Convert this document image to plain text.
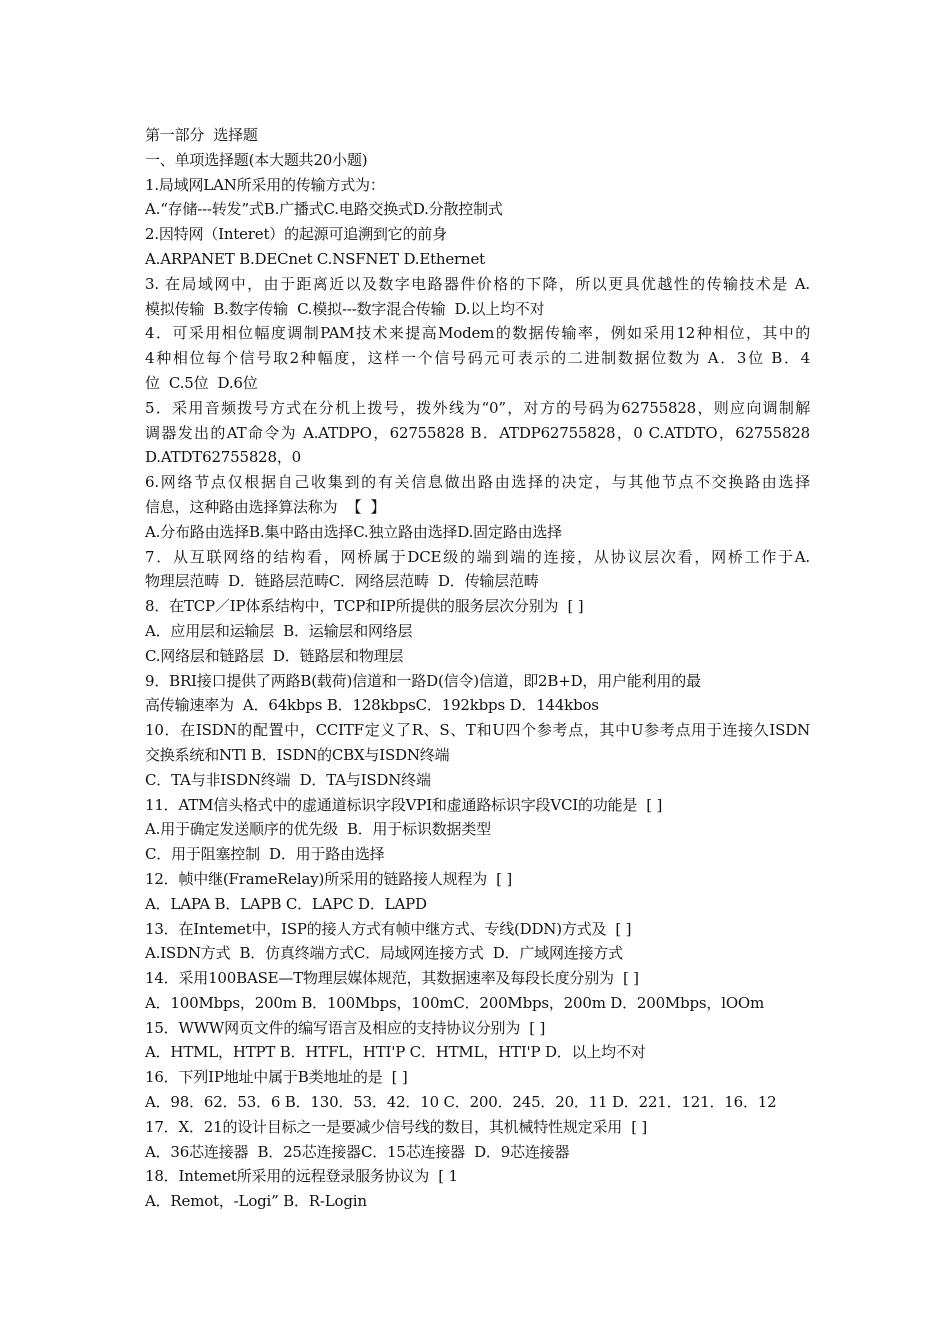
第一部分  选择题
一、单项选择题(本大题共20小题)
1.局域网LAN所采用的传输方式为：
A.“存储---转发”式B.广播式C.电路交换式D.分散控制式
2.因特网（Interet）的起源可追溯到它的前身
A.ARPANET B.DECnet C.NSFNET D.Ethernet
3. 在局域网中，由于距离近以及数字电路器件价格的下降，所以更具优越性的传输技术是 A.
模拟传输  B.数字传输  C.模拟---数字混合传输  D.以上均不对
4．可采用相位幅度调制PAM技术来提高Modem的数据传输率，例如采用12种相位，其中的
4种相位每个信号取2种幅度，这样一个信号码元可表示的二进制数据位数为 A．3位 B．4
位  C.5位  D.6位
5．采用音频拨号方式在分机上拨号，拨外线为“0”，对方的号码为62755828，则应向调制解
调器发出的AT命令为 A.ATDPO，62755828 B．ATDP62755828，0 C.ATDTO，62755828
D.ATDT62755828，0
6.网络节点仅根据自己收集到的有关信息做出路由选择的决定，与其他节点不交换路由选择
信息，这种路由选择算法称为  【  】
A.分布路由选择B.集中路由选择C.独立路由选择D.固定路由选择
7．从互联网络的结构看，网桥属于DCE级的端到端的连接，从协议层次看，网桥工作于A.
物理层范畴  D．链路层范畴C．网络层范畴  D．传输层范畴
8．在TCP／IP体系结构中，TCP和IP所提供的服务层次分别为  [ ]
A．应用层和运输层  B．运输层和网络层
C.网络层和链路层  D．链路层和物理层
9．BRI接口提供了两路B(载荷)信道和一路D(信令)信道，即2B+D，用户能利用的最
高传输速率为  A．64kbps B．128kbpsC．192kbps D．144kbos
10．在ISDN的配置中，CCITF定义了R、S、T和U四个参考点，其中U参考点用于连接久ISDN
交换系统和NTl B．ISDN的CBX与ISDN终端
C．TA与非ISDN终端  D．TA与ISDN终端
11．ATM信头格式中的虚通道标识字段VPI和虚通路标识字段VCI的功能是  [ ]
A.用于确定发送顺序的优先级  B．用于标识数据类型
C．用于阻塞控制  D．用于路由选择
12．帧中继(FrameRelay)所采用的链路接人规程为  [ ]
A．LAPA B．LAPB C．LAPC D．LAPD
13．在Intemet中，ISP的接人方式有帧中继方式、专线(DDN)方式及  [ ]
A.ISDN方式  B．仿真终端方式C．局域网连接方式  D．广域网连接方式
14．采用100BASE—T物理层媒体规范，其数据速率及每段长度分别为  [ ]
A．100Mbps，200m B．100Mbps，100mC．200Mbps，200m D．200Mbps，lOOm
15．WWW网页文件的编写语言及相应的支持协议分别为  [ ]
A．HTML，HTPT B．HTFL，HTI'P C．HTML，HTI'P D．以上均不对
16．下列IP地址中属于B类地址的是  [ ]
A．98．62．53．6 B．130．53．42．10 C．200．245．20．11 D．221．121．16．12
17．X．21的设计目标之一是要减少信号线的数目，其机械特性规定采用  [ ]
A．36芯连接器  B．25芯连接器C．15芯连接器  D．9芯连接器
18．Intemet所采用的远程登录服务协议为  [ 1
A．Remot，-Logi” B．R-Login
